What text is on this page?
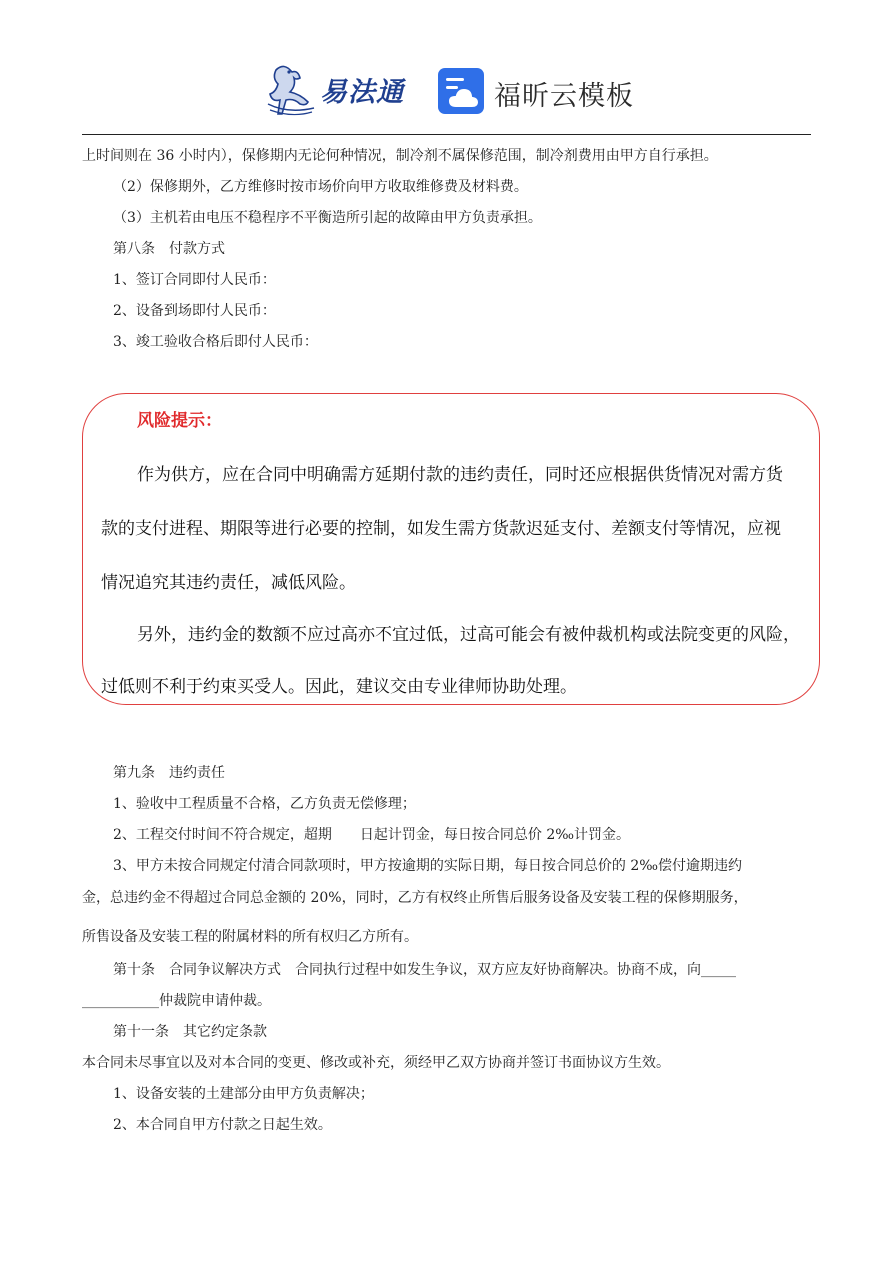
易法通	福昕云模板
上时间则在 36 小时内），保修期内无论何种情况，制冷剂不属保修范围，制冷剂费用由甲方自行承担。
（2）保修期外，乙方维修时按市场价向甲方收取维修费及材料费。
（3）主机若由电压不稳程序不平衡造所引起的故障由甲方负责承担。
第八条　付款方式
1、签订合同即付人民币：
2、设备到场即付人民币：
3、竣工验收合格后即付人民币：
风险提示：
作为供方，应在合同中明确需方延期付款的违约责任，同时还应根据供货情况对需方货
款的支付进程、期限等进行必要的控制，如发生需方货款迟延支付、差额支付等情况，应视
情况追究其违约责任，减低风险。
另外，违约金的数额不应过高亦不宜过低，过高可能会有被仲裁机构或法院变更的风险，
过低则不利于约束买受人。因此，建议交由专业律师协助处理。
第九条　违约责任
1、验收中工程质量不合格，乙方负责无偿修理；
2、工程交付时间不符合规定，超期　　日起计罚金，每日按合同总价 2‰计罚金。
3、甲方未按合同规定付清合同款项时，甲方按逾期的实际日期，每日按合同总价的 2‰偿付逾期违约
金，总违约金不得超过合同总金额的 20%，同时，乙方有权终止所售后服务设备及安装工程的保修期服务，
所售设备及安装工程的附属材料的所有权归乙方所有。
第十条　合同争议解决方式　合同执行过程中如发生争议，双方应友好协商解决。协商不成，向_____
___________仲裁院申请仲裁。
第十一条　其它约定条款
本合同未尽事宜以及对本合同的变更、修改或补充，须经甲乙双方协商并签订书面协议方生效。
1、设备安装的土建部分由甲方负责解决；
2、本合同自甲方付款之日起生效。
